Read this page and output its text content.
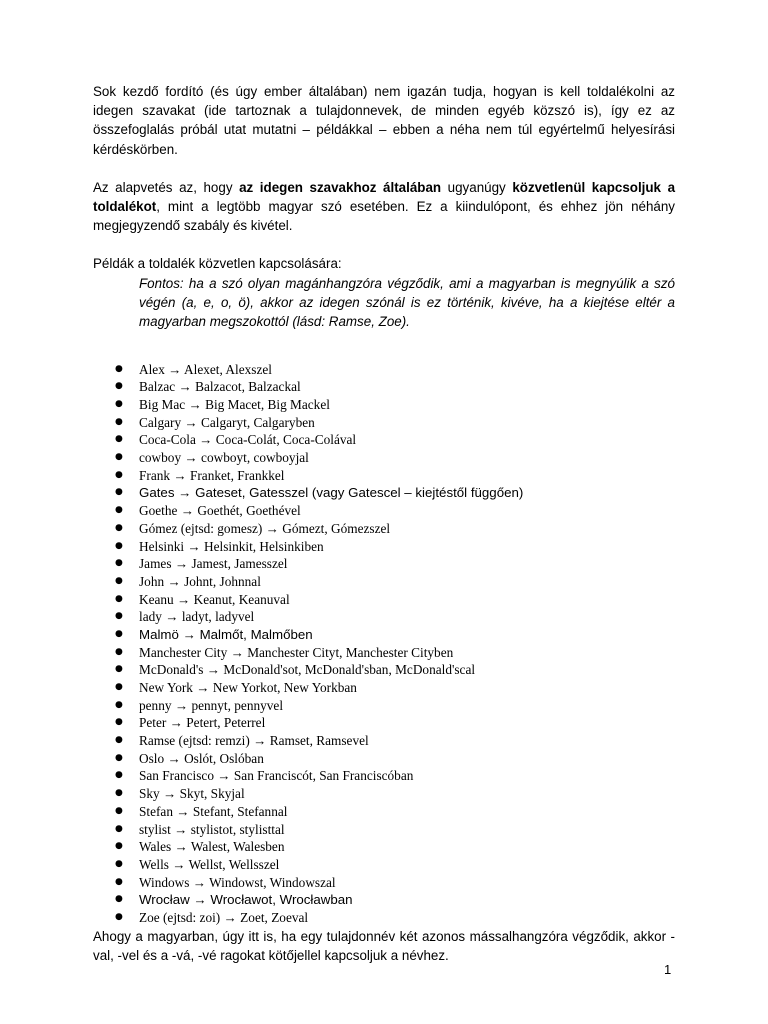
Sok kezdő fordító (és úgy ember általában) nem igazán tudja, hogyan is kell toldalékolni az idegen szavakat (ide tartoznak a tulajdonnevek, de minden egyéb közszó is), így ez az összefoglalás próbál utat mutatni – példákkal – ebben a néha nem túl egyértelmű helyesírási kérdéskörben.

Az alapvetés az, hogy az idegen szavakhoz általában ugyanúgy közvetlenül kapcsoljuk a toldalékot, mint a legtöbb magyar szó esetében. Ez a kiindulópont, és ehhez jön néhány megjegyzendő szabály és kivétel.

Példák a toldalék közvetlen kapcsolására:

Fontos: ha a szó olyan magánhangzóra végződik, ami a magyarban is megnyúlik a szó végén (a, e, o, ö), akkor az idegen szónál is ez történik, kivéve, ha a kiejtése eltér a magyarban megszokottól (lásd: Ramse, Zoe).

● Alex → Alexet, Alexszel
● Balzac → Balzacot, Balzackal
● Big Mac → Big Macet, Big Mackel
● Calgary → Calgaryt, Calgaryben
● Coca-Cola → Coca-Colát, Coca-Colával
● cowboy → cowboyt, cowboyjal
● Frank → Franket, Frankkel
● Gates → Gateset, Gatesszel (vagy Gatescel – kiejtéstől függően)
● Goethe → Goethét, Goethével
● Gómez (ejtsd: gomesz) → Gómezt, Gómezszel
● Helsinki → Helsinkit, Helsinkiben
● James → Jamest, Jamesszel
● John → Johnt, Johnnal
● Keanu → Keanut, Keanuval
● lady → ladyt, ladyvel
● Malmö → Malmőt, Malmőben
● Manchester City → Manchester Cityt, Manchester Cityben
● McDonald's → McDonald'sot, McDonald'sban, McDonald'scal
● New York → New Yorkot, New Yorkban
● penny → pennyt, pennyvel
● Peter → Petert, Peterrel
● Ramse (ejtsd: remzi) → Ramset, Ramsevel
● Oslo → Oslót, Oslóban
● San Francisco → San Franciscót, San Franciscóban
● Sky → Skyt, Skyjal
● Stefan → Stefant, Stefannal
● stylist → stylistot, stylisttal
● Wales → Walest, Walesben
● Wells → Wellst, Wellsszel
● Windows → Windowst, Windowszal
● Wrocław → Wrocławot, Wrocławban
● Zoe (ejtsd: zoi) → Zoet, Zoeval

Ahogy a magyarban, úgy itt is, ha egy tulajdonnév két azonos mássalhangzóra végződik, akkor -val, -vel és a -vá, -vé ragokat kötőjellel kapcsoljuk a névhez.

1
